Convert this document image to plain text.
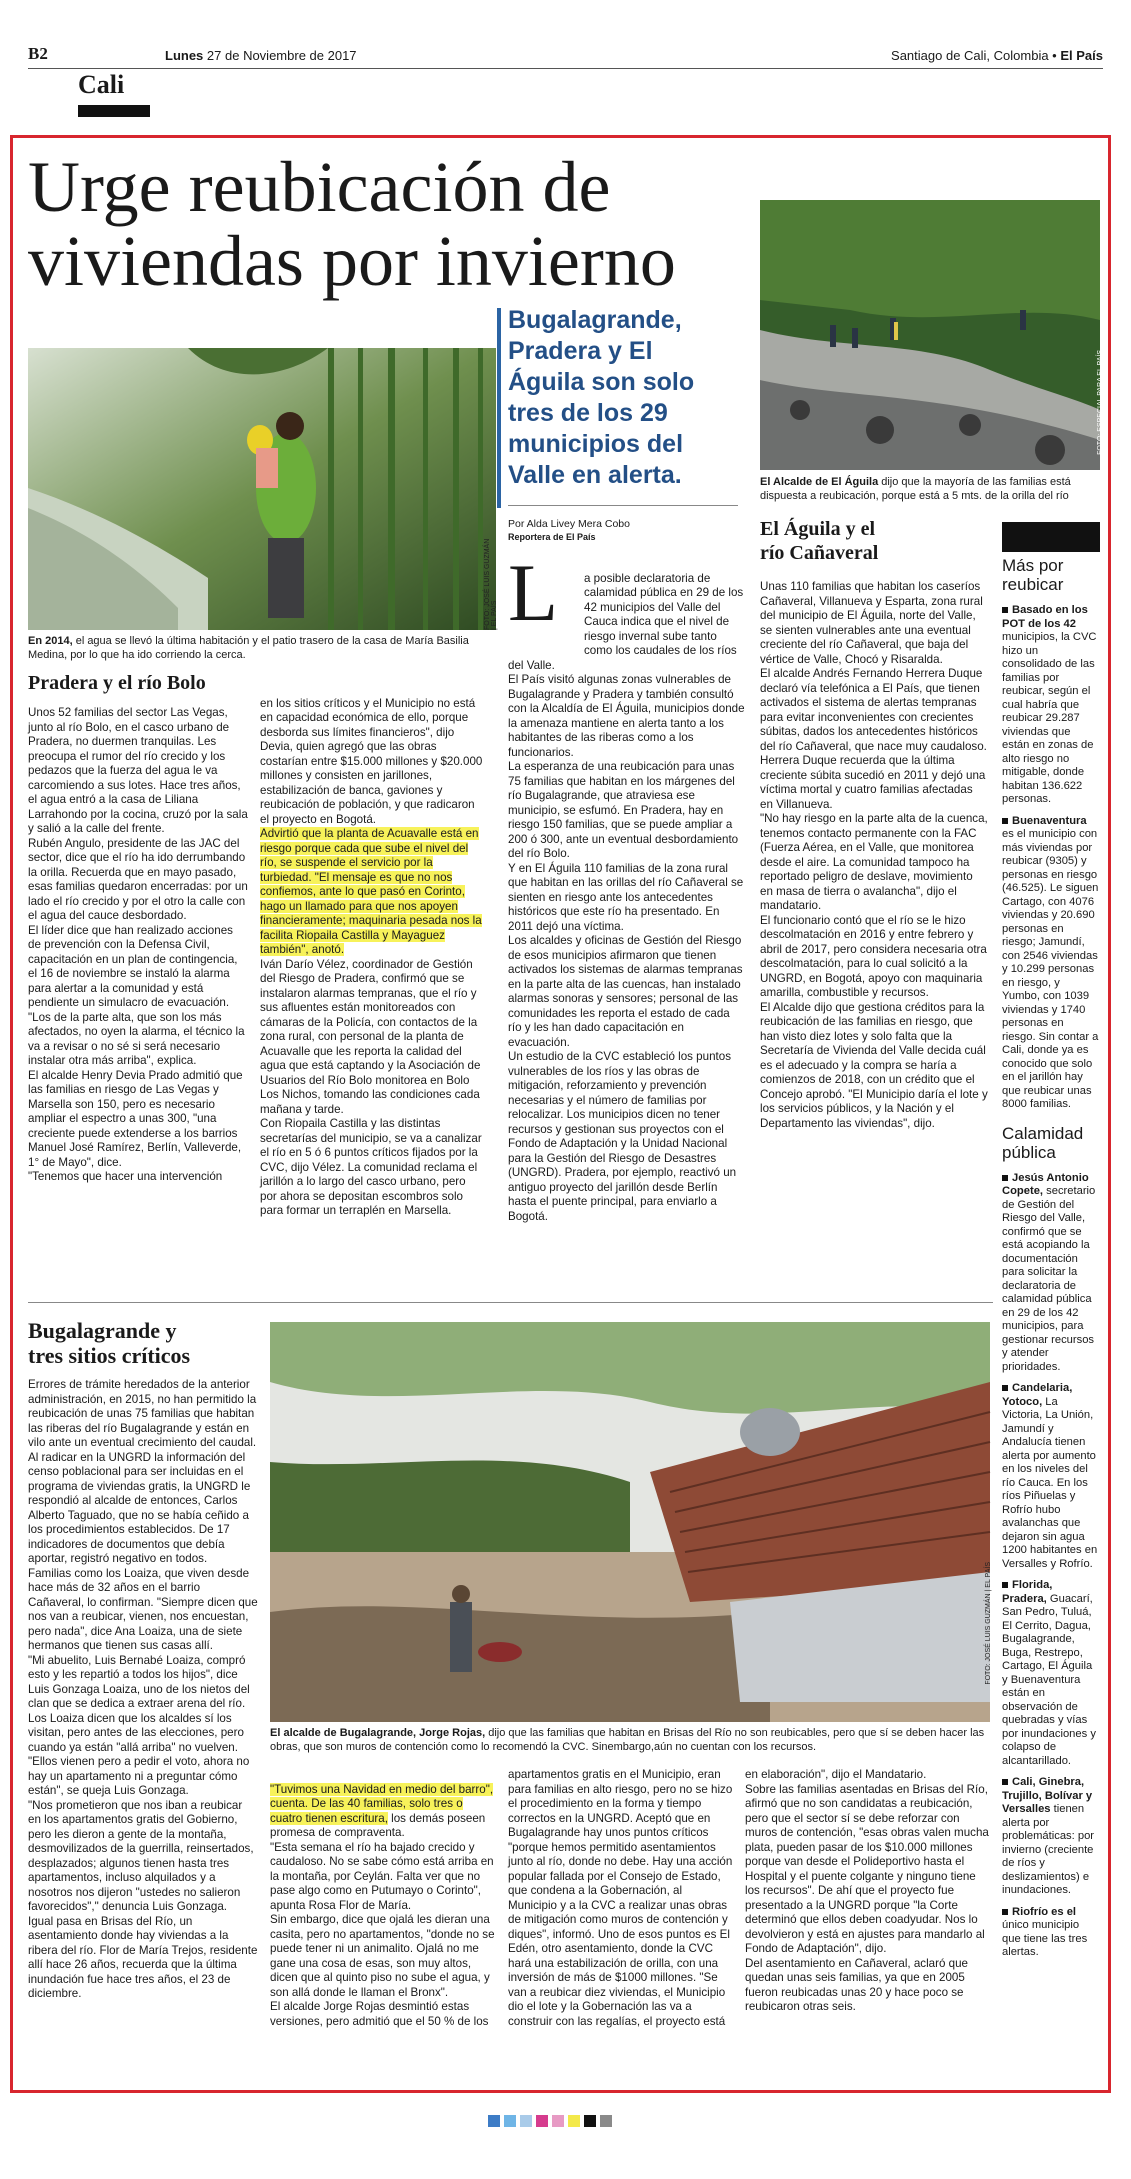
B2	Lunes 27 de Noviembre de 2017	Santiago de Cali, Colombia • El País
Cali
Urge reubicación de
viviendas por invierno
FOTO: JOSÉ LUIS GUZMÁN | EL PAÍS
En 2014, el agua se llevó la última habitación y el patio trasero de la casa de María Basilia Medina, por lo que ha ido corriendo la cerca.
Bugalagrande,
Pradera y El
Águila son solo
tres de los 29
municipios del
Valle en alerta.
Por Alda Livey Mera Cobo
Reportera de El País
FOTO: ESPECIAL PARA EL PAÍS
El Alcalde de El Águila dijo que la mayoría de las familias está dispuesta a reubicación, porque está a 5 mts. de la orilla del río
Pradera y el río Bolo
Unos 52 familias del sector Las Vegas, junto al río Bolo, en el casco urbano de Pradera, no duermen tranquilas. Les preocupa el rumor del río crecido y los pedazos que la fuerza del agua le va carcomiendo a sus lotes. Hace tres años, el agua entró a la casa de Liliana Larrahondo por la cocina, cruzó por la sala y salió a la calle del frente.
Rubén Angulo, presidente de las JAC del sector, dice que el río ha ido derrumbando la orilla. Recuerda que en mayo pasado, esas familias quedaron encerradas: por un lado el río crecido y por el otro la calle con el agua del cauce desbordado.
El líder dice que han realizado acciones de prevención con la Defensa Civil, capacitación en un plan de contingencia, el 16 de noviembre se instaló la alarma para alertar a la comunidad y está pendiente un simulacro de evacuación. "Los de la parte alta, que son los más afectados, no oyen la alarma, el técnico la va a revisar o no sé si será necesario instalar otra más arriba", explica.
El alcalde Henry Devia Prado admitió que las familias en riesgo de Las Vegas y Marsella son 150, pero es necesario ampliar el espectro a unas 300, "una creciente puede extenderse a los barrios Manuel José Ramírez, Berlín, Valleverde, 1° de Mayo", dice.
"Tenemos que hacer una intervención

en los sitios críticos y el Municipio no está en capacidad económica de ello, porque desborda sus límites financieros", dijo Devia, quien agregó que las obras costarían entre $15.000 millones y $20.000 millones y consisten en jarillones, estabilización de banca, gaviones y reubicación de población, y que radicaron el proyecto en Bogotá.
Advirtió que la planta de Acuavalle está en riesgo porque cada que sube el nivel del río, se suspende el servicio por la turbiedad. "El mensaje es que no nos confiemos, ante lo que pasó en Corinto, hago un llamado para que nos apoyen financieramente; maquinaria pesada nos la facilita Riopaila Castilla y Mayaguez también", anotó.
Iván Darío Vélez, coordinador de Gestión del Riesgo de Pradera, confirmó que se instalaron alarmas tempranas, que el río y sus afluentes están monitoreados con cámaras de la Policía, con contactos de la zona rural, con personal de la planta de Acuavalle que les reporta la calidad del agua que está captando y la Asociación de Usuarios del Río Bolo monitorea en Bolo Los Nichos, tomando las condiciones cada mañana y tarde.
Con Riopaila Castilla y las distintas secretarías del municipio, se va a canalizar el río en 5 ó 6 puntos críticos fijados por la CVC, dijo Vélez. La comunidad reclama el jarillón a lo largo del casco urbano, pero por ahora se depositan escombros solo para formar un terraplén en Marsella.

L	a posible declaratoria de calamidad pública en 29 de los 42 municipios del Valle del Cauca indica que el nivel de riesgo invernal sube tanto como los caudales de los ríos del Valle.
El País visitó algunas zonas vulnerables de Bugalagrande y Pradera y también consultó con la Alcaldía de El Águila, municipios donde la amenaza mantiene en alerta tanto a los habitantes de las riberas como a los funcionarios.
La esperanza de una reubicación para unas 75 familias que habitan en los márgenes del río Bugalagrande, que atraviesa ese municipio, se esfumó. En Pradera, hay en riesgo 150 familias, que se puede ampliar a 200 ó 300, ante un eventual desbordamiento del río Bolo.
Y en El Águila 110 familias de la zona rural que habitan en las orillas del río Cañaveral se sienten en riesgo ante los antecedentes históricos que este río ha presentado. En 2011 dejó una víctima.
Los alcaldes y oficinas de Gestión del Riesgo de esos municipios afirmaron que tienen activados los sistemas de alarmas tempranas en la parte alta de las cuencas, han instalado alarmas sonoras y sensores; personal de las comunidades les reporta el estado de cada río y les han dado capacitación en evacuación.
Un estudio de la CVC estableció los puntos vulnerables de los ríos y las obras de mitigación, reforzamiento y prevención necesarias y el número de familias por relocalizar. Los municipios dicen no tener recursos y gestionan sus proyectos con el Fondo de Adaptación y la Unidad Nacional para la Gestión del Riesgo de Desastres (UNGRD). Pradera, por ejemplo, reactivó un antiguo proyecto del jarillón desde Berlín hasta el puente principal, para enviarlo a Bogotá.

El Águila y el
río Cañaveral
Unas 110 familias que habitan los caseríos Cañaveral, Villanueva y Esparta, zona rural del municipio de El Águila, norte del Valle, se sienten vulnerables ante una eventual creciente del río Cañaveral, que baja del vértice de Valle, Chocó y Risaralda.
El alcalde Andrés Fernando Herrera Duque declaró vía telefónica a El País, que tienen activados el sistema de alertas tempranas para evitar inconvenientes con crecientes súbitas, dados los antecedentes históricos del río Cañaveral, que nace muy caudaloso. Herrera Duque recuerda que la última creciente súbita sucedió en 2011 y dejó una víctima mortal y cuatro familias afectadas en Villanueva.
"No hay riesgo en la parte alta de la cuenca, tenemos contacto permanente con la FAC (Fuerza Aérea, en el Valle, que monitorea desde el aire. La comunidad tampoco ha reportado peligro de deslave, movimiento en masa de tierra o avalancha", dijo el mandatario.
El funcionario contó que el río se le hizo descolmatación en 2016 y entre febrero y abril de 2017, pero considera necesaria otra descolmatación, para lo cual solicitó a la UNGRD, en Bogotá, apoyo con maquinaria amarilla, combustible y recursos.
El Alcalde dijo que gestiona créditos para la reubicación de las familias en riesgo, que han visto diez lotes y solo falta que la Secretaría de Vivienda del Valle decida cuál es el adecuado y la compra se haría a comienzos de 2018, con un crédito que el Concejo aprobó. "El Municipio daría el lote y los servicios públicos, y la Nación y el Departamento las viviendas", dijo.
Más por
reubicar
Basado en los POT de los 42 municipios, la CVC hizo un consolidado de las familias por reubicar, según el cual habría que reubicar 29.287 viviendas que están en zonas de alto riesgo no mitigable, donde habitan 136.622 personas.
Buenaventura es el municipio con más viviendas por reubicar (9305) y personas en riesgo (46.525). Le siguen Cartago, con 4076 viviendas y 20.690 personas en riesgo; Jamundí, con 2546 viviendas y 10.299 personas en riesgo, y Yumbo, con 1039 viviendas y 1740 personas en riesgo. Sin contar a Cali, donde ya es conocido que solo en el jarillón hay que reubicar unas 8000 familias.
Calamidad
pública
Jesús Antonio Copete, secretario de Gestión del Riesgo del Valle, confirmó que se está acopiando la documentación para solicitar la declaratoria de calamidad pública en 29 de los 42 municipios, para gestionar recursos y atender prioridades.
Candelaria, Yotoco, La Victoria, La Unión, Jamundí y Andalucía tienen alerta por aumento en los niveles del río Cauca. En los ríos Piñuelas y Rofrío hubo avalanchas que dejaron sin agua 1200 habitantes en Versalles y Rofrío.
Florida, Pradera, Guacarí, San Pedro, Tuluá, El Cerrito, Dagua, Bugalagrande, Buga, Restrepo, Cartago, El Águila y Buenaventura están en observación de quebradas y vías por inundaciones y colapso de alcantarillado.
Cali, Ginebra, Trujillo, Bolívar y Versalles tienen alerta por problemáticas: por invierno (creciente de ríos y deslizamientos) e inundaciones.
Riofrío es el único municipio que tiene las tres alertas.
Bugalagrande y
tres sitios críticos
Errores de trámite heredados de la anterior administración, en 2015, no han permitido la reubicación de unas 75 familias que habitan las riberas del río Bugalagrande y están en vilo ante un eventual crecimiento del caudal.
Al radicar en la UNGRD la información del censo poblacional para ser incluidas en el programa de viviendas gratis, la UNGRD le respondió al alcalde de entonces, Carlos Alberto Taguado, que no se había ceñido a los procedimientos establecidos. De 17 indicadores de documentos que debía aportar, registró negativo en todos.
Familias como los Loaiza, que viven desde hace más de 32 años en el barrio Cañaveral, lo confirman. "Siempre dicen que nos van a reubicar, vienen, nos encuestan, pero nada", dice Ana Loaiza, una de siete hermanos que tienen sus casas allí.
"Mi abuelito, Luis Bernabé Loaiza, compró esto y les repartió a todos los hijos", dice Luis Gonzaga Loaiza, uno de los nietos del clan que se dedica a extraer arena del río.
Los Loaiza dicen que los alcaldes sí los visitan, pero antes de las elecciones, pero cuando ya están "allá arriba" no vuelven. "Ellos vienen pero a pedir el voto, ahora no hay un apartamento ni a preguntar cómo están", se queja Luis Gonzaga.
"Nos prometieron que nos iban a reubicar en los apartamentos gratis del Gobierno, pero les dieron a gente de la montaña, desmovilizados de la guerrilla, reinsertados, desplazados; algunos tienen hasta tres apartamentos, incluso alquilados y a nosotros nos dijeron "ustedes no salieron favorecidos"," denuncia Luis Gonzaga.
Igual pasa en Brisas del Río, un asentamiento donde hay viviendas a la ribera del río. Flor de María Trejos, residente allí hace 26 años, recuerda que la última inundación fue hace tres años, el 23 de diciembre.
FOTO: JOSÉ LUIS GUZMÁN | EL PAÍS
El alcalde de Bugalagrande, Jorge Rojas, dijo que las familias que habitan en Brisas del Río no son reubicables, pero que sí se deben hacer las obras, que son muros de contención como lo recomendó la CVC. Sinembargo,aún no cuentan con los recursos.

"Tuvimos una Navidad en medio del barro", cuenta. De las 40 familias, solo tres o cuatro tienen escritura, los demás poseen promesa de compraventa.
"Esta semana el río ha bajado crecido y caudaloso. No se sabe cómo está arriba en la montaña, por Ceylán. Falta ver que no pase algo como en Putumayo o Corinto", apunta Rosa Flor de María.
Sin embargo, dice que ojalá les dieran una casita, pero no apartamentos, "donde no se puede tener ni un animalito. Ojalá no me gane una cosa de esas, son muy altos, dicen que al quinto piso no sube el agua, y son allá donde le llaman el Bronx".
El alcalde Jorge Rojas desmintió estas versiones, pero admitió que el 50 % de los

apartamentos gratis en el Municipio, eran para familias en alto riesgo, pero no se hizo el procedimiento en la forma y tiempo correctos en la UNGRD. Aceptó que en Bugalagrande hay unos puntos críticos "porque hemos permitido asentamientos junto al río, donde no debe. Hay una acción popular fallada por el Consejo de Estado, que condena a la Gobernación, al Municipio y a la CVC a realizar unas obras de mitigación como muros de contención y diques", informó. Uno de esos puntos es El Edén, otro asentamiento, donde la CVC hará una estabilización de orilla, con una inversión de más de $1000 millones. "Se van a reubicar diez viviendas, el Municipio dio el lote y la Gobernación las va a construir con las regalías, el proyecto está
en elaboración", dijo el Mandatario.
Sobre las familias asentadas en Brisas del Río, afirmó que no son candidatas a reubicación, pero que el sector sí se debe reforzar con muros de contención, "esas obras valen mucha plata, pueden pasar de los $10.000 millones porque van desde el Polideportivo hasta el Hospital y el puente colgante y ninguno tiene los recursos". De ahí que el proyecto fue presentado a la UNGRD porque "la Corte determinó que ellos deben coadyudar. Nos lo devolvieron y está en ajustes para mandarlo al Fondo de Adaptación", dijo.
Del asentamiento en Cañaveral, aclaró que quedan unas seis familias, ya que en 2005 fueron reubicadas unas 20 y hace poco se reubicaron otras seis.
